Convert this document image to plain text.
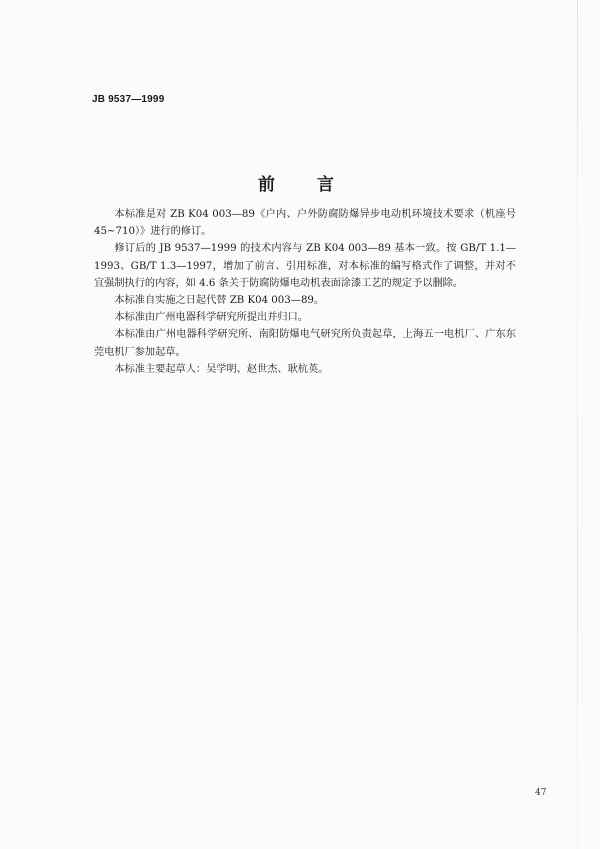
JB 9537—1999
前 言

本标准是对 ZB K04 003—89《户内、户外防腐防爆异步电动机环境技术要求（机座号 45~710）》进行的修订。

修订后的 JB 9537—1999 的技术内容与 ZB K04 003—89 基本一致。按 GB/T 1.1—1993、GB/T 1.3—1997，增加了前言、引用标准，对本标准的编写格式作了调整，并对不宜强制执行的内容，如 4.6 条关于防腐防爆电动机表面涂漆工艺的规定予以删除。

本标准自实施之日起代替 ZB K04 003—89。

本标准由广州电器科学研究所提出并归口。

本标准由广州电器科学研究所、南阳防爆电气研究所负责起草，上海五一电机厂、广东东莞电机厂参加起草。

本标准主要起草人：吴学明、赵世杰、耿杭英。

47
